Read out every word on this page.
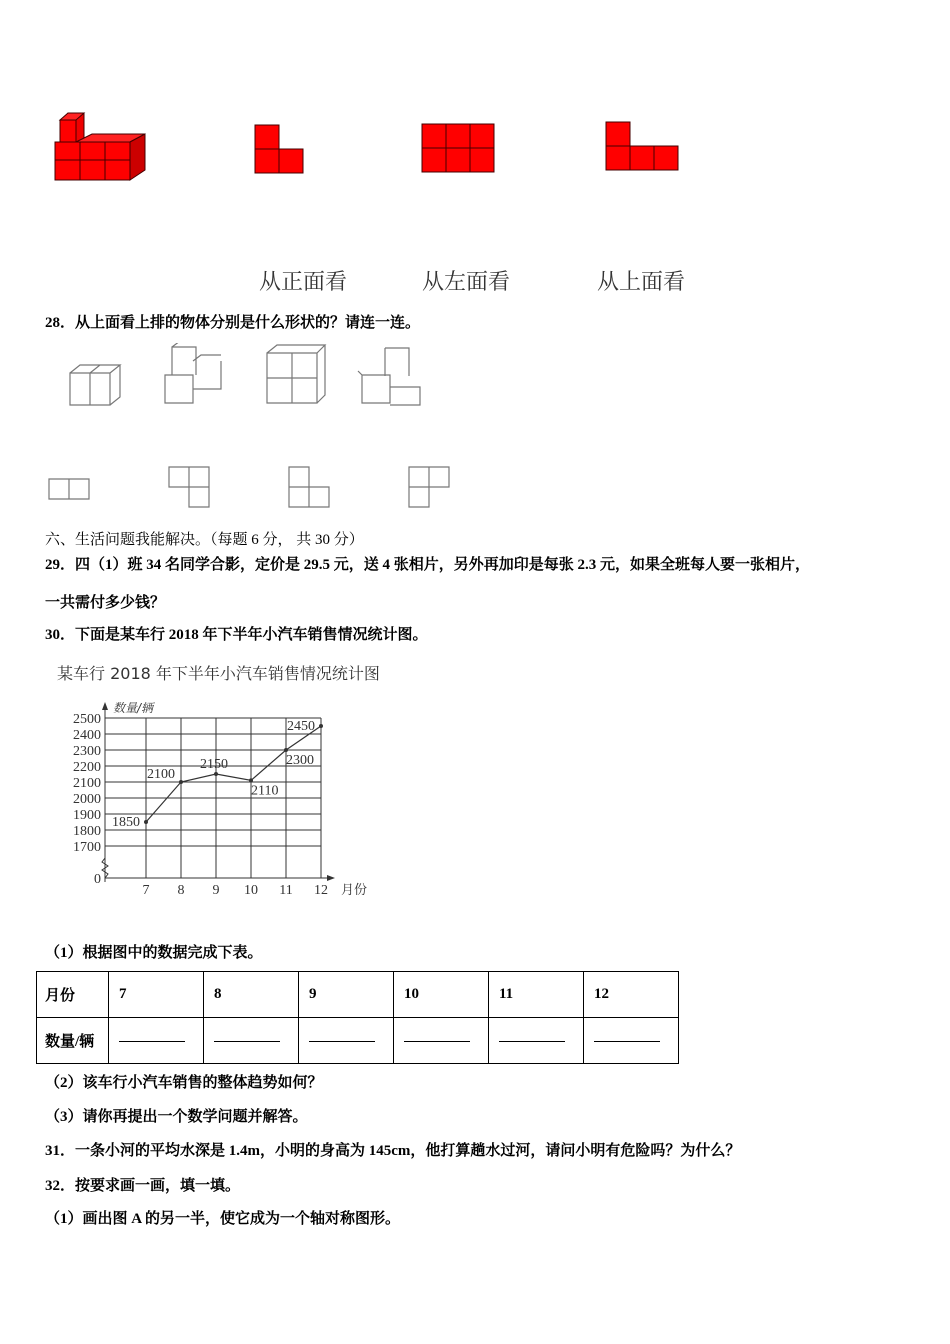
从正面看	从左面看	从上面看
28．从上面看上排的物体分别是什么形状的？请连一连。
六、生活问题我能解决。（每题 6 分， 共 30 分）
29．四（1）班 34 名同学合影，定价是 29.5 元，送 4 张相片，另外再加印是每张 2.3 元，如果全班每人要一张相片，
一共需付多少钱？
30．下面是某车行 2018 年下半年小汽车销售情况统计图。
某车行 2018 年下半年小汽车销售情况统计图
2500
2400
2300
2200
2100
2000
1900
1800
1700
0
7 8 9 10 11 12 月份
数量/辆
1850
2100
2150
2110
2300
2450
（1）根据图中的数据完成下表。
月份	7	8	9	10	11	12
数量/辆						
（2）该车行小汽车销售的整体趋势如何？
（3）请你再提出一个数学问题并解答。
31．一条小河的平均水深是 1.4m，小明的身高为 145cm，他打算趟水过河，请问小明有危险吗？为什么？
32．按要求画一画，填一填。
（1）画出图 A 的另一半，使它成为一个轴对称图形。
